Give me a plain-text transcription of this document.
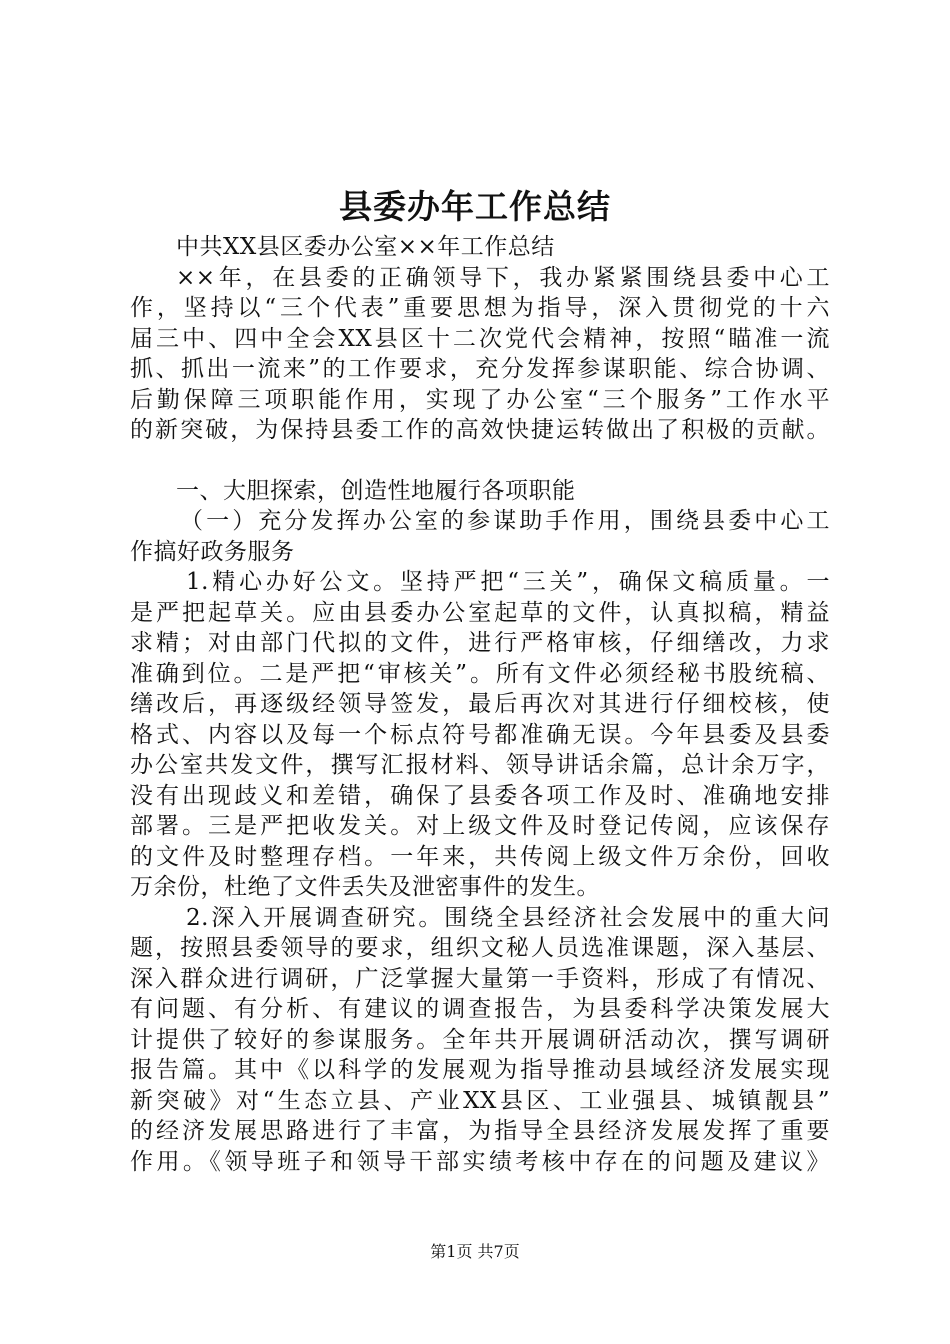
县委办年工作总结
中共XX县区委办公室××年工作总结
××年，在县委的正确领导下，我办紧紧围绕县委中心工
作，坚持以“三个代表”重要思想为指导，深入贯彻党的十六
届三中、四中全会XX县区十二次党代会精神，按照“瞄准一流
抓、抓出一流来”的工作要求，充分发挥参谋职能、综合协调、
后勤保障三项职能作用，实现了办公室“三个服务”工作水平
的新突破，为保持县委工作的高效快捷运转做出了积极的贡献。
一、大胆探索，创造性地履行各项职能
（一）充分发挥办公室的参谋助手作用，围绕县委中心工
作搞好政务服务
1.精心办好公文。坚持严把“三关”，确保文稿质量。一
是严把起草关。应由县委办公室起草的文件，认真拟稿，精益
求精；对由部门代拟的文件，进行严格审核，仔细缮改，力求
准确到位。二是严把“审核关”。所有文件必须经秘书股统稿、
缮改后，再逐级经领导签发，最后再次对其进行仔细校核，使
格式、内容以及每一个标点符号都准确无误。今年县委及县委
办公室共发文件，撰写汇报材料、领导讲话余篇，总计余万字，
没有出现歧义和差错，确保了县委各项工作及时、准确地安排
部署。三是严把收发关。对上级文件及时登记传阅，应该保存
的文件及时整理存档。一年来，共传阅上级文件万余份，回收
万余份，杜绝了文件丢失及泄密事件的发生。
2.深入开展调查研究。围绕全县经济社会发展中的重大问
题，按照县委领导的要求，组织文秘人员选准课题，深入基层、
深入群众进行调研，广泛掌握大量第一手资料，形成了有情况、
有问题、有分析、有建议的调查报告，为县委科学决策发展大
计提供了较好的参谋服务。全年共开展调研活动次，撰写调研
报告篇。其中《以科学的发展观为指导推动县域经济发展实现
新突破》对“生态立县、产业XX县区、工业强县、城镇靓县”
的经济发展思路进行了丰富，为指导全县经济发展发挥了重要
作用。《领导班子和领导干部实绩考核中存在的问题及建议》
第1页 共7页
